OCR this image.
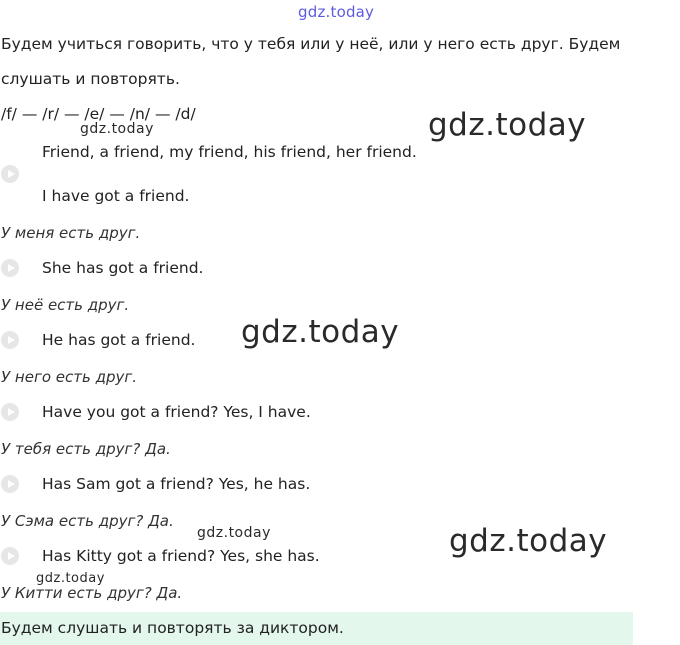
gdz.today
gdz.today
gdz.today
gdz.today
gdz.today
gdz.today
gdz.today
Будем учиться говорить, что у тебя или у неё, или у него есть друг. Будем
слушать и повторять.
/f/ — /r/ — /e/ — /n/ — /d/
Friend, a friend, my friend, his friend, her friend.
I have got a friend.
У меня есть друг.
She has got a friend.
У неё есть друг.
He has got a friend.
У него есть друг.
Have you got a friend? Yes, I have.
У тебя есть друг? Да.
Has Sam got a friend? Yes, he has.
У Сэма есть друг? Да.
Has Kitty got a friend? Yes, she has.
У Китти есть друг? Да.
Будем слушать и повторять за диктором.
